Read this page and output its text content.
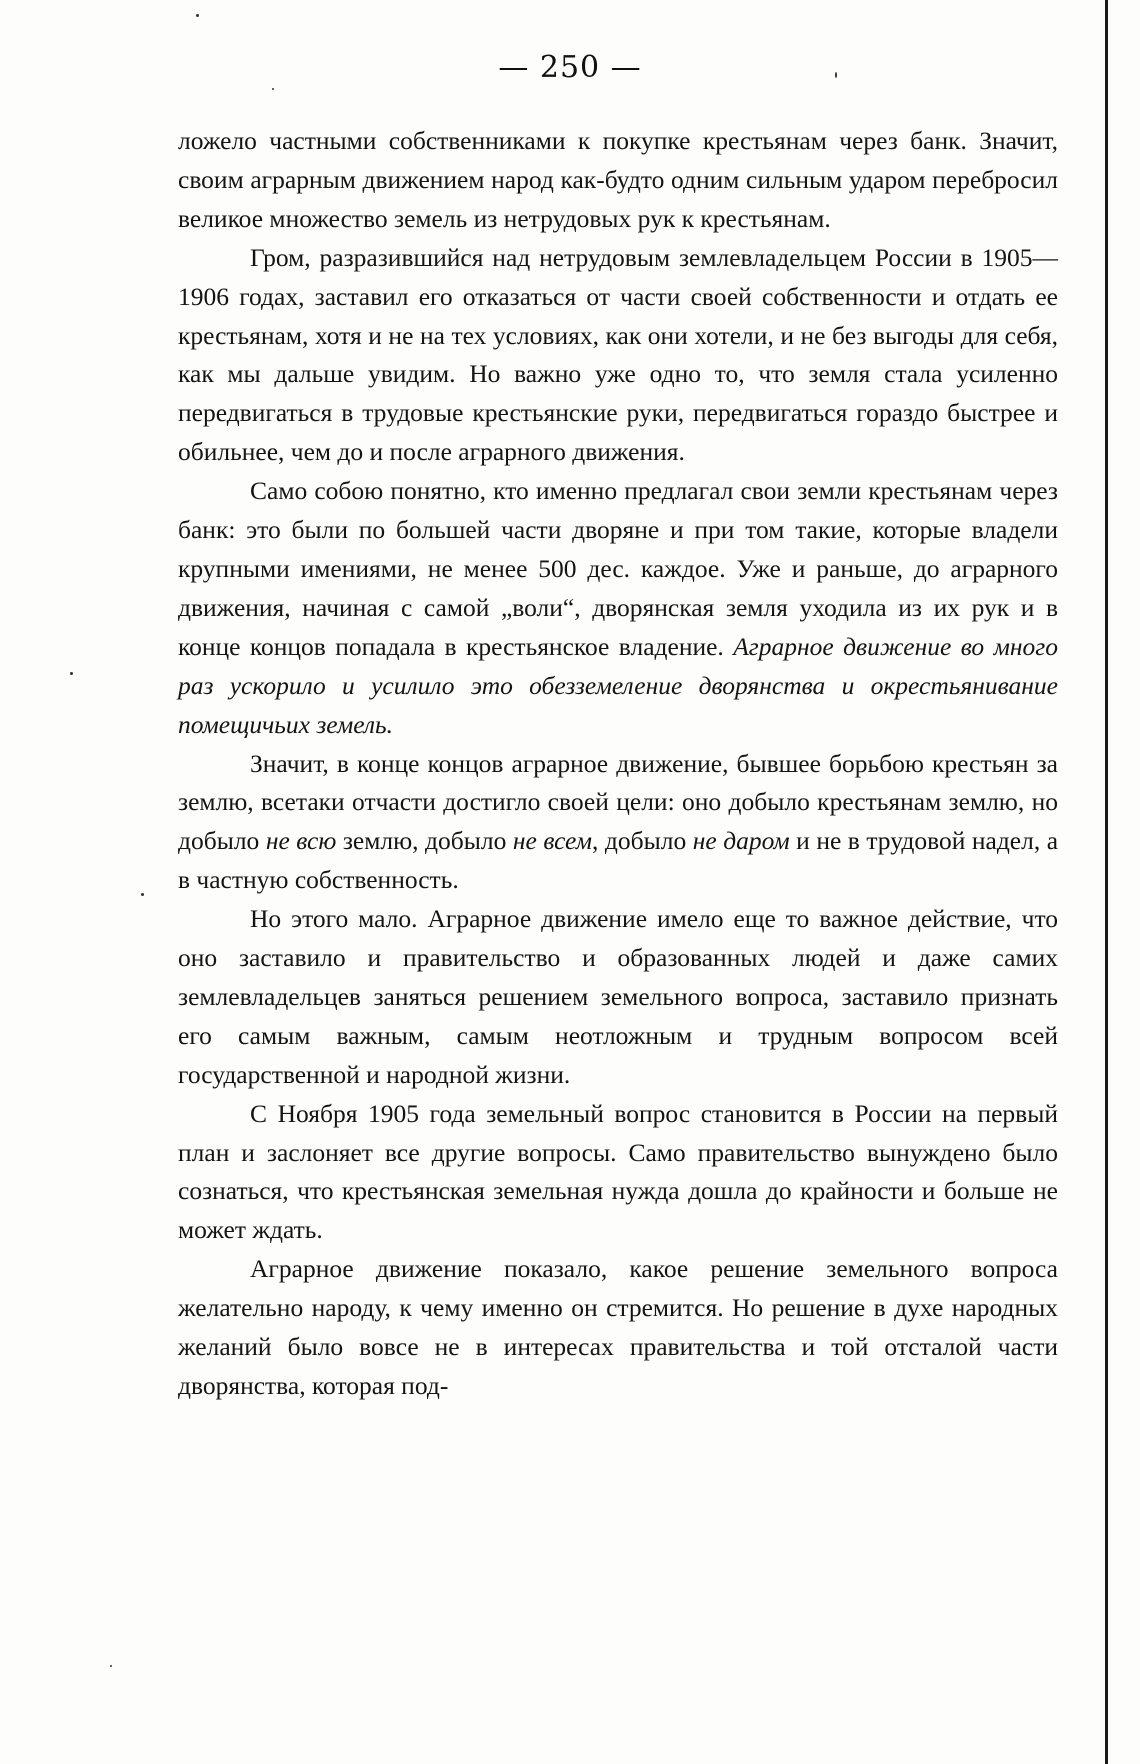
— 250 —

ложело частными собственниками к покупке крестьянам через банк. Значит, своим аграрным движением народ как-будто одним сильным ударом перебросил великое множество земель из нетрудовых рук к крестьянам.

Гром, разразившийся над нетрудовым землевладельцем России в 1905—1906 годах, заставил его отказаться от части своей собственности и отдать ее крестьянам, хотя и не на тех условиях, как они хотели, и не без выгоды для себя, как мы дальше увидим. Но важно уже одно то, что земля стала усиленно передвигаться в трудовые крестьянские руки, передвигаться гораздо быстрее и обильнее, чем до и после аграрного движения.

Само собою понятно, кто именно предлагал свои земли крестьянам через банк: это были по большей части дворяне и при том такие, которые владели крупными имениями, не менее 500 дес. каждое. Уже и раньше, до аграрного движения, начиная с самой „воли“, дворянская земля уходила из их рук и в конце концов попадала в крестьянское владение. Аграрное движение во много раз ускорило и усилило это обезземеление дворянства и окрестьянивание помещичьих земель.

Значит, в конце концов аграрное движение, бывшее борьбою крестьян за землю, всетаки отчасти достигло своей цели: оно добыло крестьянам землю, но добыло не всю землю, добыло не всем, добыло не даром и не в трудовой надел, а в частную собственность.

Но этого мало. Аграрное движение имело еще то важное действие, что оно заставило и правительство и образованных людей и даже самих землевладельцев заняться решением земельного вопроса, заставило признать его самым важным, самым неотложным и трудным вопросом всей государственной и народной жизни.

С Ноября 1905 года земельный вопрос становится в России на первый план и заслоняет все другие вопросы. Само правительство вынуждено было сознаться, что крестьянская земельная нужда дошла до крайности и больше не может ждать.

Аграрное движение показало, какое решение земельного вопроса желательно народу, к чему именно он стремится. Но решение в духе народных желаний было вовсе не в интересах правительства и той отсталой части дворянства, которая под-
